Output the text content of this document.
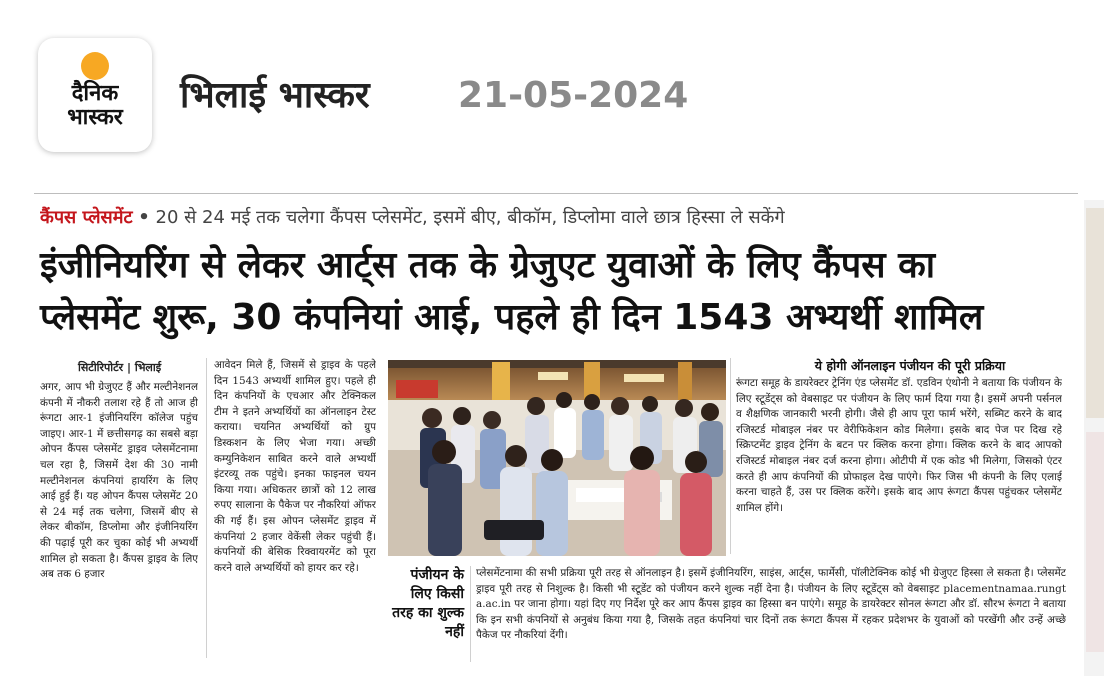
दैनिक
भास्कर
भिलाई भास्कर 21-05-2024
कैंपस प्लेसमेंट • 20 से 24 मई तक चलेगा कैंपस प्लेसमेंट, इसमें बीए, बीकॉम, डिप्लोमा वाले छात्र हिस्सा ले सकेंगे
इंजीनियरिंग से लेकर आर्ट्स तक के ग्रेजुएट युवाओं के लिए कैंपस का
प्लेसमेंट शुरू, 30 कंपनियां आई, पहले ही दिन 1543 अभ्यर्थी शामिल
सिटीरिपोर्टर | भिलाई
अगर, आप भी ग्रेजुएट हैं और मल्टीनेशनल कंपनी में नौकरी तलाश रहे हैं तो आज ही रूंगटा आर-1 इंजीनियरिंग कॉलेज पहुंच जाइए। आर-1 में छत्तीसगढ़ का सबसे बड़ा ओपन कैंपस प्लेसमेंट ड्राइव प्लेसमेंटनामा चल रहा है, जिसमें देश की 30 नामी मल्टीनेशनल कंपनियां हायरिंग के लिए आई हुई हैं। यह ओपन कैंपस प्लेसमेंट 20 से 24 मई तक चलेगा, जिसमें बीए से लेकर बीकॉम, डिप्लोमा और इंजीनियरिंग की पढ़ाई पूरी कर चुका कोई भी अभ्यर्थी शामिल हो सकता है। कैंपस ड्राइव के लिए अब तक 6 हजार
आवेदन मिले हैं, जिसमें से ड्राइव के पहले दिन 1543 अभ्यर्थी शामिल हुए। पहले ही दिन कंपनियों के एचआर और टेक्निकल टीम ने इतने अभ्यर्थियों का ऑनलाइन टेस्ट कराया। चयनित अभ्यर्थियों को ग्रुप डिस्कशन के लिए भेजा गया। अच्छी कम्युनिकेशन साबित करने वाले अभ्यर्थी इंटरव्यू तक पहुंचे। इनका फाइनल चयन किया गया। अधिकतर छात्रों को 12 लाख रुपए सालाना के पैकेज पर नौकरियां ऑफर की गई हैं। इस ओपन प्लेसमेंट ड्राइव में कंपनियां 2 हजार वेकेंसी लेकर पहुंची हैं। कंपनियों की बेसिक रिक्वायरमेंट को पूरा करने वाले अभ्यर्थियों को हायर कर रहे।
ये होगी ऑनलाइन पंजीयन की पूरी प्रक्रिया
रूंगटा समूह के डायरेक्टर ट्रेनिंग एंड प्लेसमेंट डॉ. एडविन एंथोनी ने बताया कि पंजीयन के लिए स्टूडेंट्स को वेबसाइट पर पंजीयन के लिए फार्म दिया गया है। इसमें अपनी पर्सनल व शैक्षणिक जानकारी भरनी होगी। जैसे ही आप पूरा फार्म भरेंगे, सब्मिट करने के बाद रजिस्टर्ड मोबाइल नंबर पर वेरीफिकेशन कोड मिलेगा। इसके बाद पेज पर दिख रहे स्क्रिप्टमेंट ड्राइव ट्रेनिंग के बटन पर क्लिक करना होगा। क्लिक करने के बाद आपको रजिस्टर्ड मोबाइल नंबर दर्ज करना होगा। ओटीपी में एक कोड भी मिलेगा, जिसको एंटर करते ही आप कंपनियों की प्रोफाइल देख पाएंगे। फिर जिस भी कंपनी के लिए एलाई करना चाहते हैं, उस पर क्लिक करेंगे। इसके बाद आप रूंगटा कैंपस पहुंचकर प्लेसमेंट शामिल होंगे।
पंजीयन के लिए किसी तरह का शुल्क नहीं
प्लेसमेंटनामा की सभी प्रक्रिया पूरी तरह से ऑनलाइन है। इसमें इंजीनियरिंग, साइंस, आर्ट्स, फार्मेसी, पॉलीटेक्निक कोई भी ग्रेजुएट हिस्सा ले सकता है। प्लेसमेंट ड्राइव पूरी तरह से निशुल्क है। किसी भी स्टूडेंट को पंजीयन करने शुल्क नहीं देना है। पंजीयन के लिए स्टूडेंट्स को वेबसाइट placementnamaa.rungt a.ac.in पर जाना होगा। यहां दिए गए निर्देश पूरे कर आप कैंपस ड्राइव का हिस्सा बन पाएंगे। समूह के डायरेक्टर सोनल रूंगटा और डॉ. सौरभ रूंगटा ने बताया कि इन सभी कंपनियों से अनुबंध किया गया है, जिसके तहत कंपनियां चार दिनों तक रूंगटा कैंपस में रहकर प्रदेशभर के युवाओं को परखेंगी और उन्हें अच्छे पैकेज पर नौकरियां देंगी।
